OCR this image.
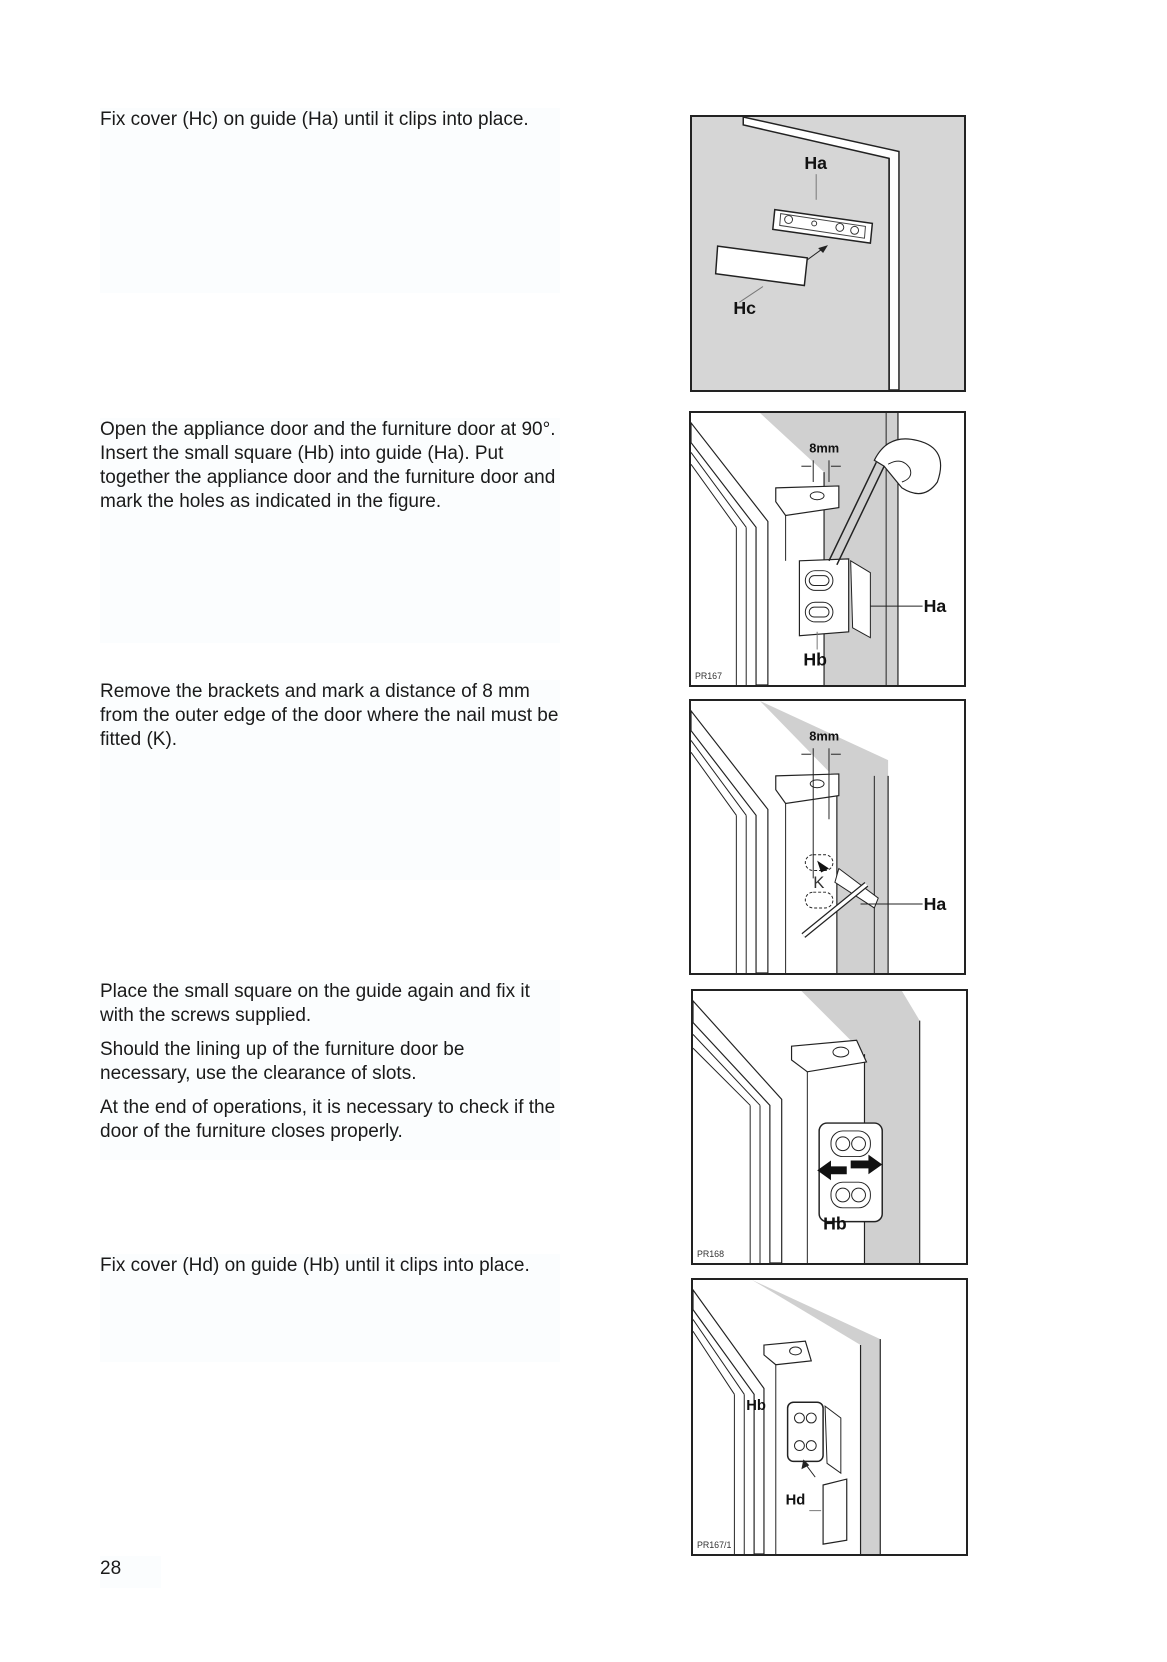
Fix cover (Hc) on guide (Ha) until it clips into place.

Open the appliance door and the furniture door at 90°. Insert the small square (Hb) into guide (Ha). Put together the appliance door and the furniture door and mark the holes as indicated in the figure.

Remove the brackets and mark a distance of 8 mm from the outer edge of the door where the nail must be fitted (K).

Place the small square on the guide again and fix it with the screws supplied.

Should the lining up of the furniture door be necessary, use the clearance of slots.

At the end of operations, it is necessary to check if the door of the furniture closes properly.

Fix cover (Hd) on guide (Hb) until it clips into place.

28
Ha
Hc
8mm
Ha
Hb
PR167
K
8mm
Ha
Hb
PR168
Hb
Hd
PR167/1
